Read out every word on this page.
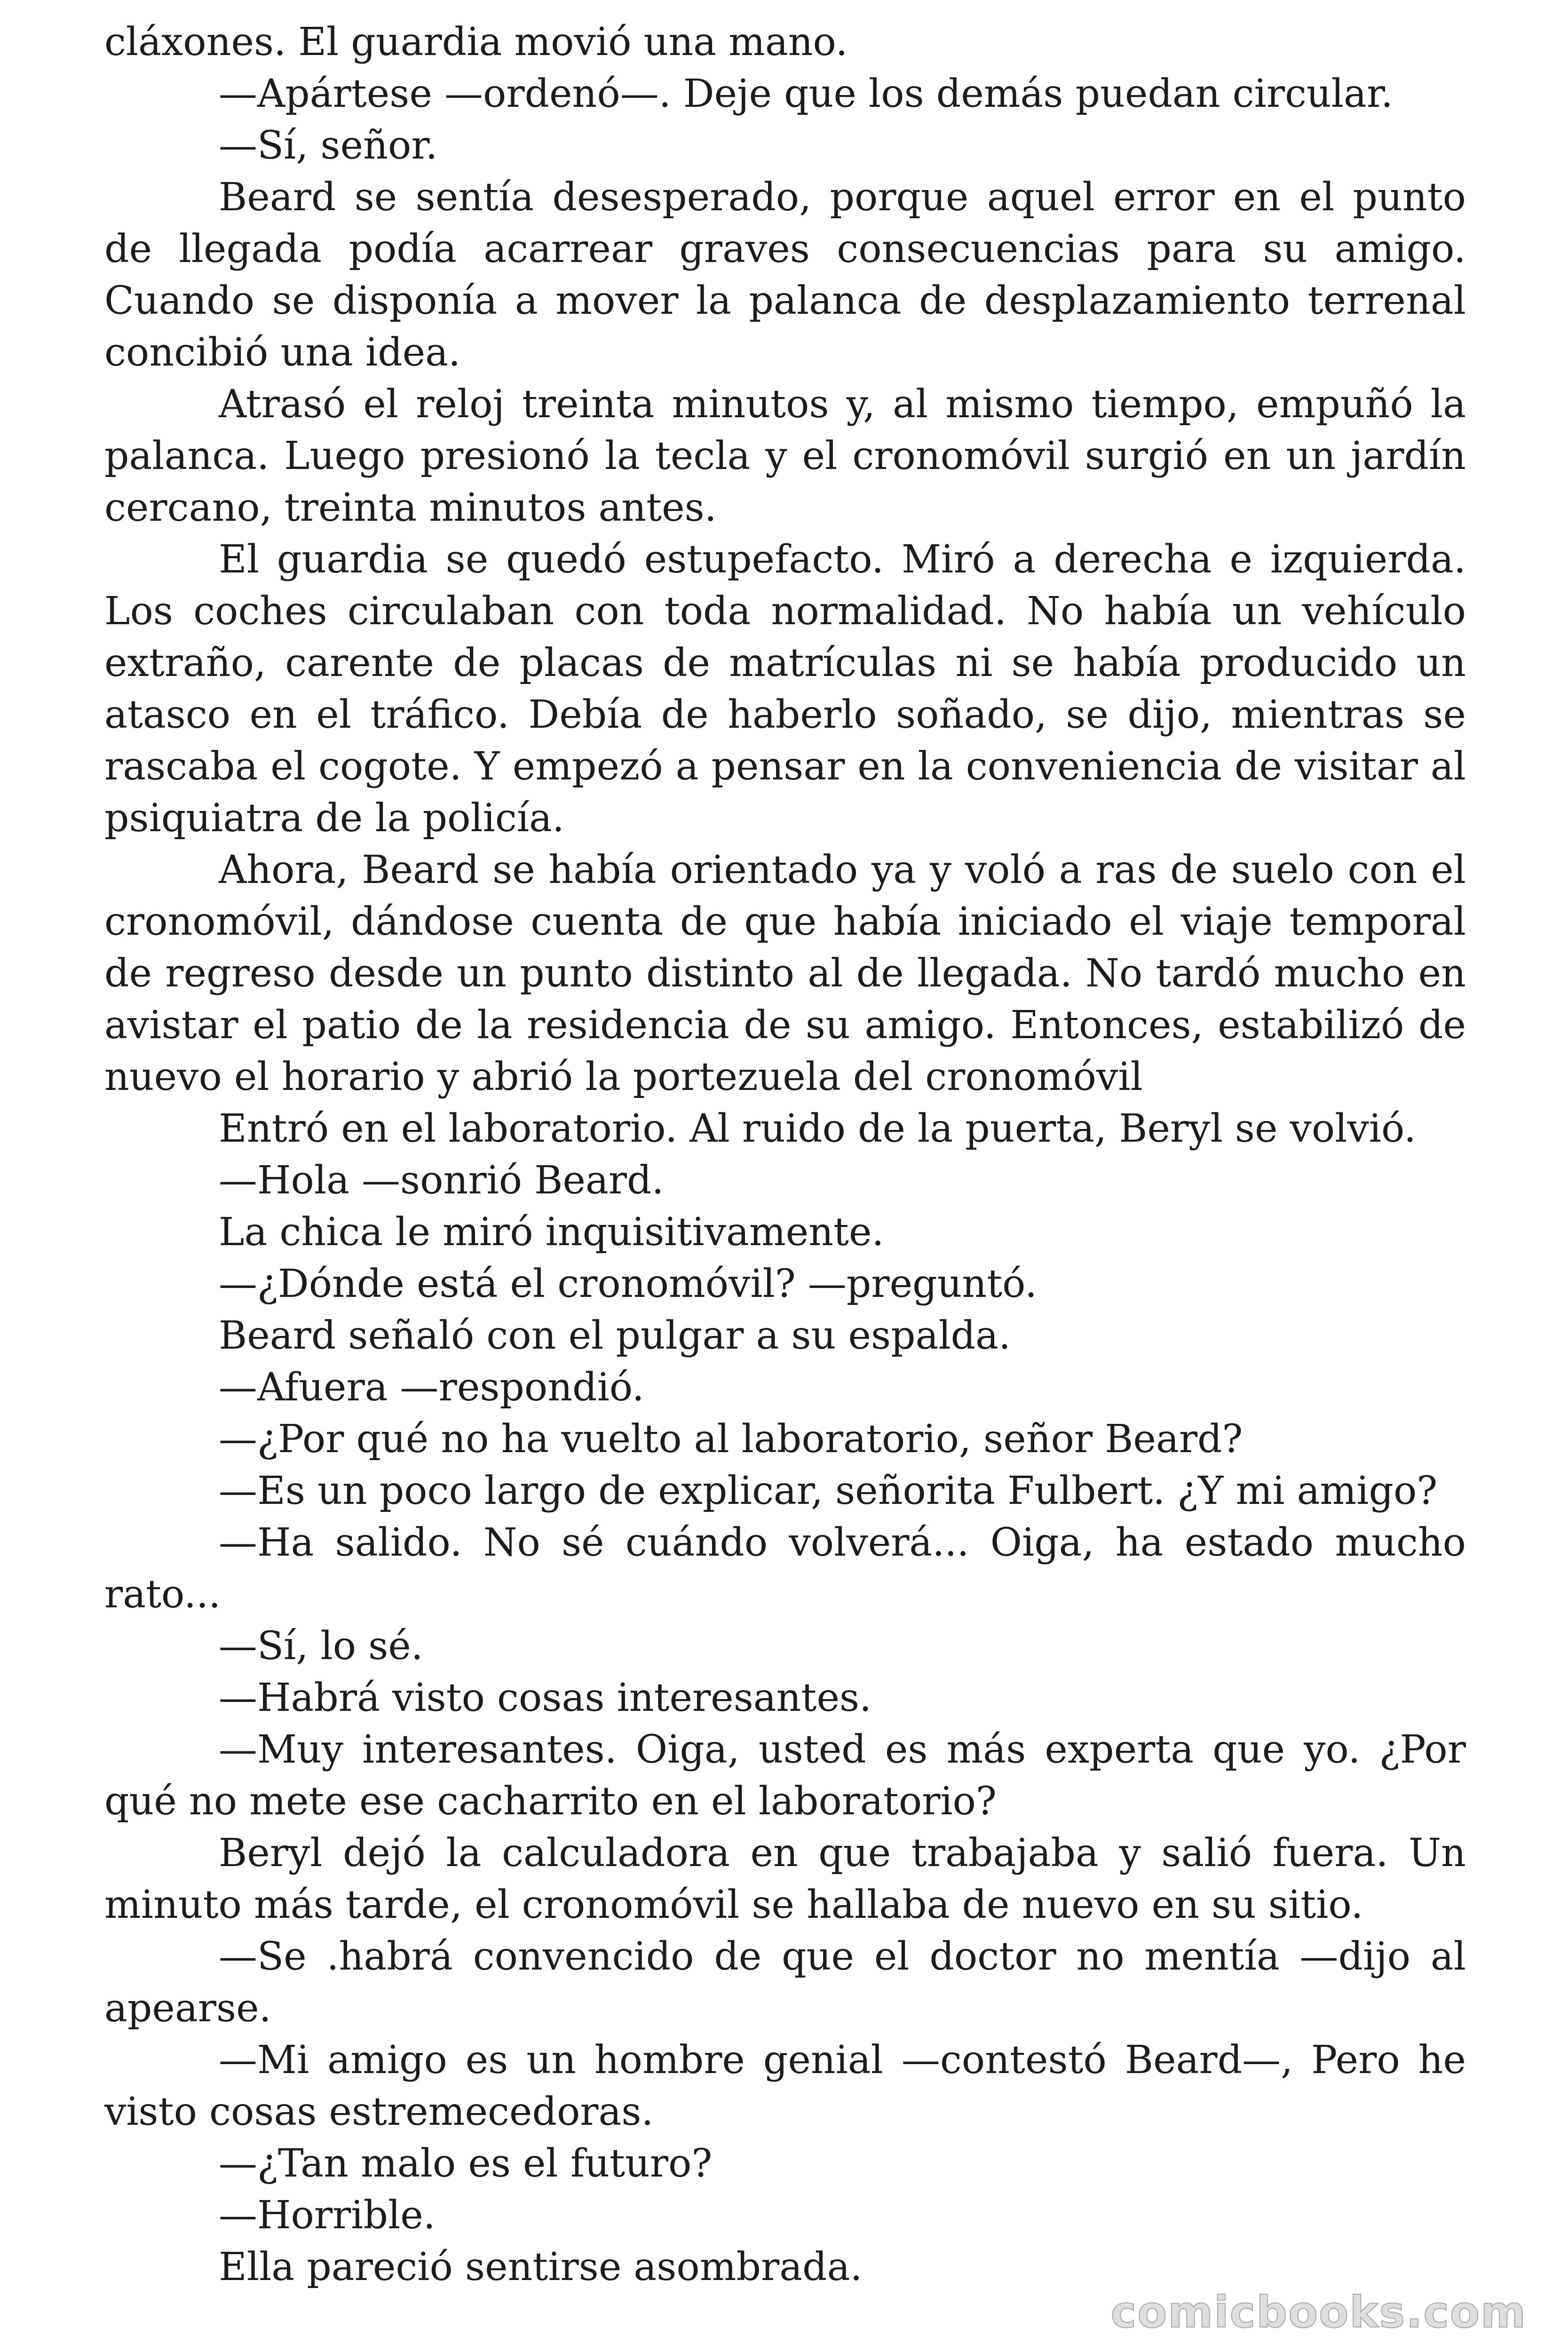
cláxones. El guardia movió una mano.

—Apártese —ordenó—. Deje que los demás puedan circular.

—Sí, señor.

Beard se sentía desesperado, porque aquel error en el punto de llegada podía acarrear graves consecuencias para su amigo. Cuando se disponía a mover la palanca de desplazamiento terrenal concibió una idea.

Atrasó el reloj treinta minutos y, al mismo tiempo, empuñó la palanca. Luego presionó la tecla y el cronomóvil surgió en un jardín cercano, treinta minutos antes.

El guardia se quedó estupefacto. Miró a derecha e izquierda. Los coches circulaban con toda normalidad. No había un vehículo extraño, carente de placas de matrículas ni se había producido un atasco en el tráfico. Debía de haberlo soñado, se dijo, mientras se rascaba el cogote. Y empezó a pensar en la conveniencia de visitar al psiquiatra de la policía.

Ahora, Beard se había orientado ya y voló a ras de suelo con el cronomóvil, dándose cuenta de que había iniciado el viaje temporal de regreso desde un punto distinto al de llegada. No tardó mucho en avistar el patio de la residencia de su amigo. Entonces, estabilizó de nuevo el horario y abrió la portezuela del cronomóvil

Entró en el laboratorio. Al ruido de la puerta, Beryl se volvió.

—Hola —sonrió Beard.

La chica le miró inquisitivamente.

—¿Dónde está el cronomóvil? —preguntó.

Beard señaló con el pulgar a su espalda.

—Afuera —respondió.

—¿Por qué no ha vuelto al laboratorio, señor Beard?

—Es un poco largo de explicar, señorita Fulbert. ¿Y mi amigo?

—Ha salido. No sé cuándo volverá... Oiga, ha estado mucho rato...

—Sí, lo sé.

—Habrá visto cosas interesantes.

—Muy interesantes. Oiga, usted es más experta que yo. ¿Por qué no mete ese cacharrito en el laboratorio?

Beryl dejó la calculadora en que trabajaba y salió fuera. Un minuto más tarde, el cronomóvil se hallaba de nuevo en su sitio.

—Se .habrá convencido de que el doctor no mentía —dijo al apearse.

—Mi amigo es un hombre genial —contestó Beard—, Pero he visto cosas estremecedoras.

—¿Tan malo es el futuro?

—Horrible.

Ella pareció sentirse asombrada.

comicbooks.com
